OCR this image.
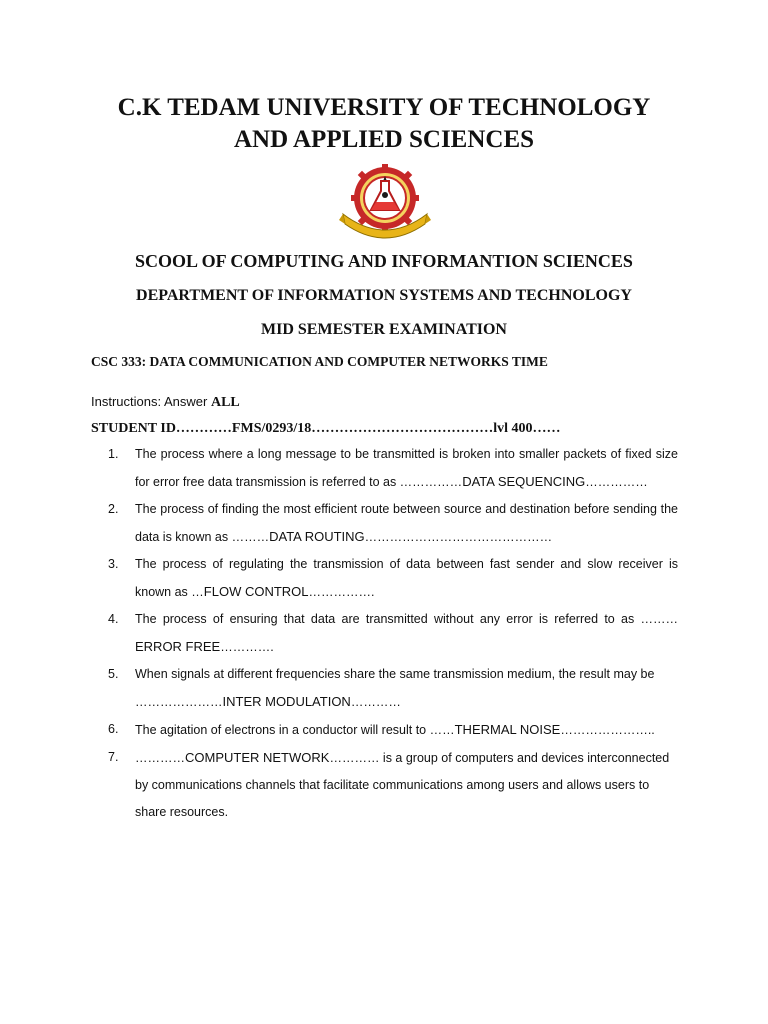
C.K TEDAM UNIVERSITY OF TECHNOLOGY
AND APPLIED SCIENCES
SCOOL OF COMPUTING AND INFORMANTION SCIENCES
DEPARTMENT OF INFORMATION SYSTEMS AND TECHNOLOGY
MID SEMESTER EXAMINATION
CSC 333: DATA COMMUNICATION AND COMPUTER NETWORKS TIME
Instructions: Answer ALL
STUDENT ID…………FMS/0293/18…………………………………lvl 400……
1. The process where a long message to be transmitted is broken into smaller packets of fixed size for error free data transmission is referred to as ……………DATA SEQUENCING……………
2. The process of finding the most efficient route between source and destination before sending the data is known as ………DATA ROUTING………………………………………
3. The process of regulating the transmission of data between fast sender and slow receiver is known as …FLOW CONTROL…………….
4. The process of ensuring that data are transmitted without any error is referred to as ………ERROR FREE………….
5. When signals at different frequencies share the same transmission medium, the result may be …………………INTER MODULATION…………
6. The agitation of electrons in a conductor will result to ……THERMAL NOISE…………………..
7. …………COMPUTER NETWORK………… is a group of computers and devices interconnected by communications channels that facilitate communications among users and allows users to share resources.
